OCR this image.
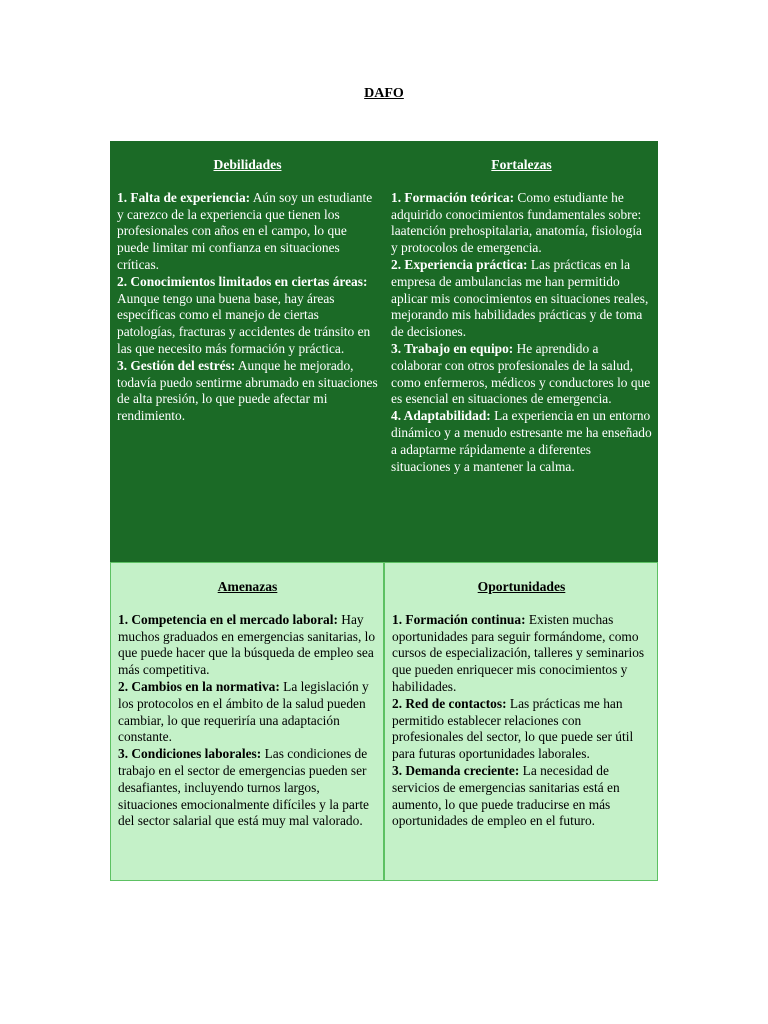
DAFO
Debilidades

1. Falta de experiencia: Aún soy un estudiante y carezco de la experiencia que tienen los profesionales con años en el campo, lo que puede limitar mi confianza en situaciones críticas.

2. Conocimientos limitados en ciertas áreas: Aunque tengo una buena base, hay áreas específicas como el manejo de ciertas patologías, fracturas y accidentes de tránsito en las que necesito más formación y práctica.

3. Gestión del estrés: Aunque he mejorado, todavía puedo sentirme abrumado en situaciones de alta presión, lo que puede afectar mi rendimiento.

Fortalezas

1. Formación teórica: Como estudiante he adquirido conocimientos fundamentales sobre: laatención prehospitalaria, anatomía, fisiología y protocolos de emergencia.

2. Experiencia práctica: Las prácticas en la empresa de ambulancias me han permitido aplicar mis conocimientos en situaciones reales, mejorando mis habilidades prácticas y de toma de decisiones.

3. Trabajo en equipo: He aprendido a colaborar con otros profesionales de la salud, como enfermeros, médicos y conductores lo que es esencial en situaciones de emergencia.

4. Adaptabilidad: La experiencia en un entorno dinámico y a menudo estresante me ha enseñado a adaptarme rápidamente a diferentes situaciones y a mantener la calma.

Amenazas

1. Competencia en el mercado laboral: Hay muchos graduados en emergencias sanitarias, lo que puede hacer que la búsqueda de empleo sea más competitiva.

2. Cambios en la normativa: La legislación y los protocolos en el ámbito de la salud pueden cambiar, lo que requeriría una adaptación constante.

3. Condiciones laborales: Las condiciones de trabajo en el sector de emergencias pueden ser desafiantes, incluyendo turnos largos, situaciones emocionalmente difíciles y la parte del sector salarial que está muy mal valorado.

Oportunidades

1. Formación continua: Existen muchas oportunidades para seguir formándome, como cursos de especialización, talleres y seminarios que pueden enriquecer mis conocimientos y habilidades.

2. Red de contactos: Las prácticas me han permitido establecer relaciones con profesionales del sector, lo que puede ser útil para futuras oportunidades laborales.

3. Demanda creciente: La necesidad de servicios de emergencias sanitarias está en aumento, lo que puede traducirse en más oportunidades de empleo en el futuro.
